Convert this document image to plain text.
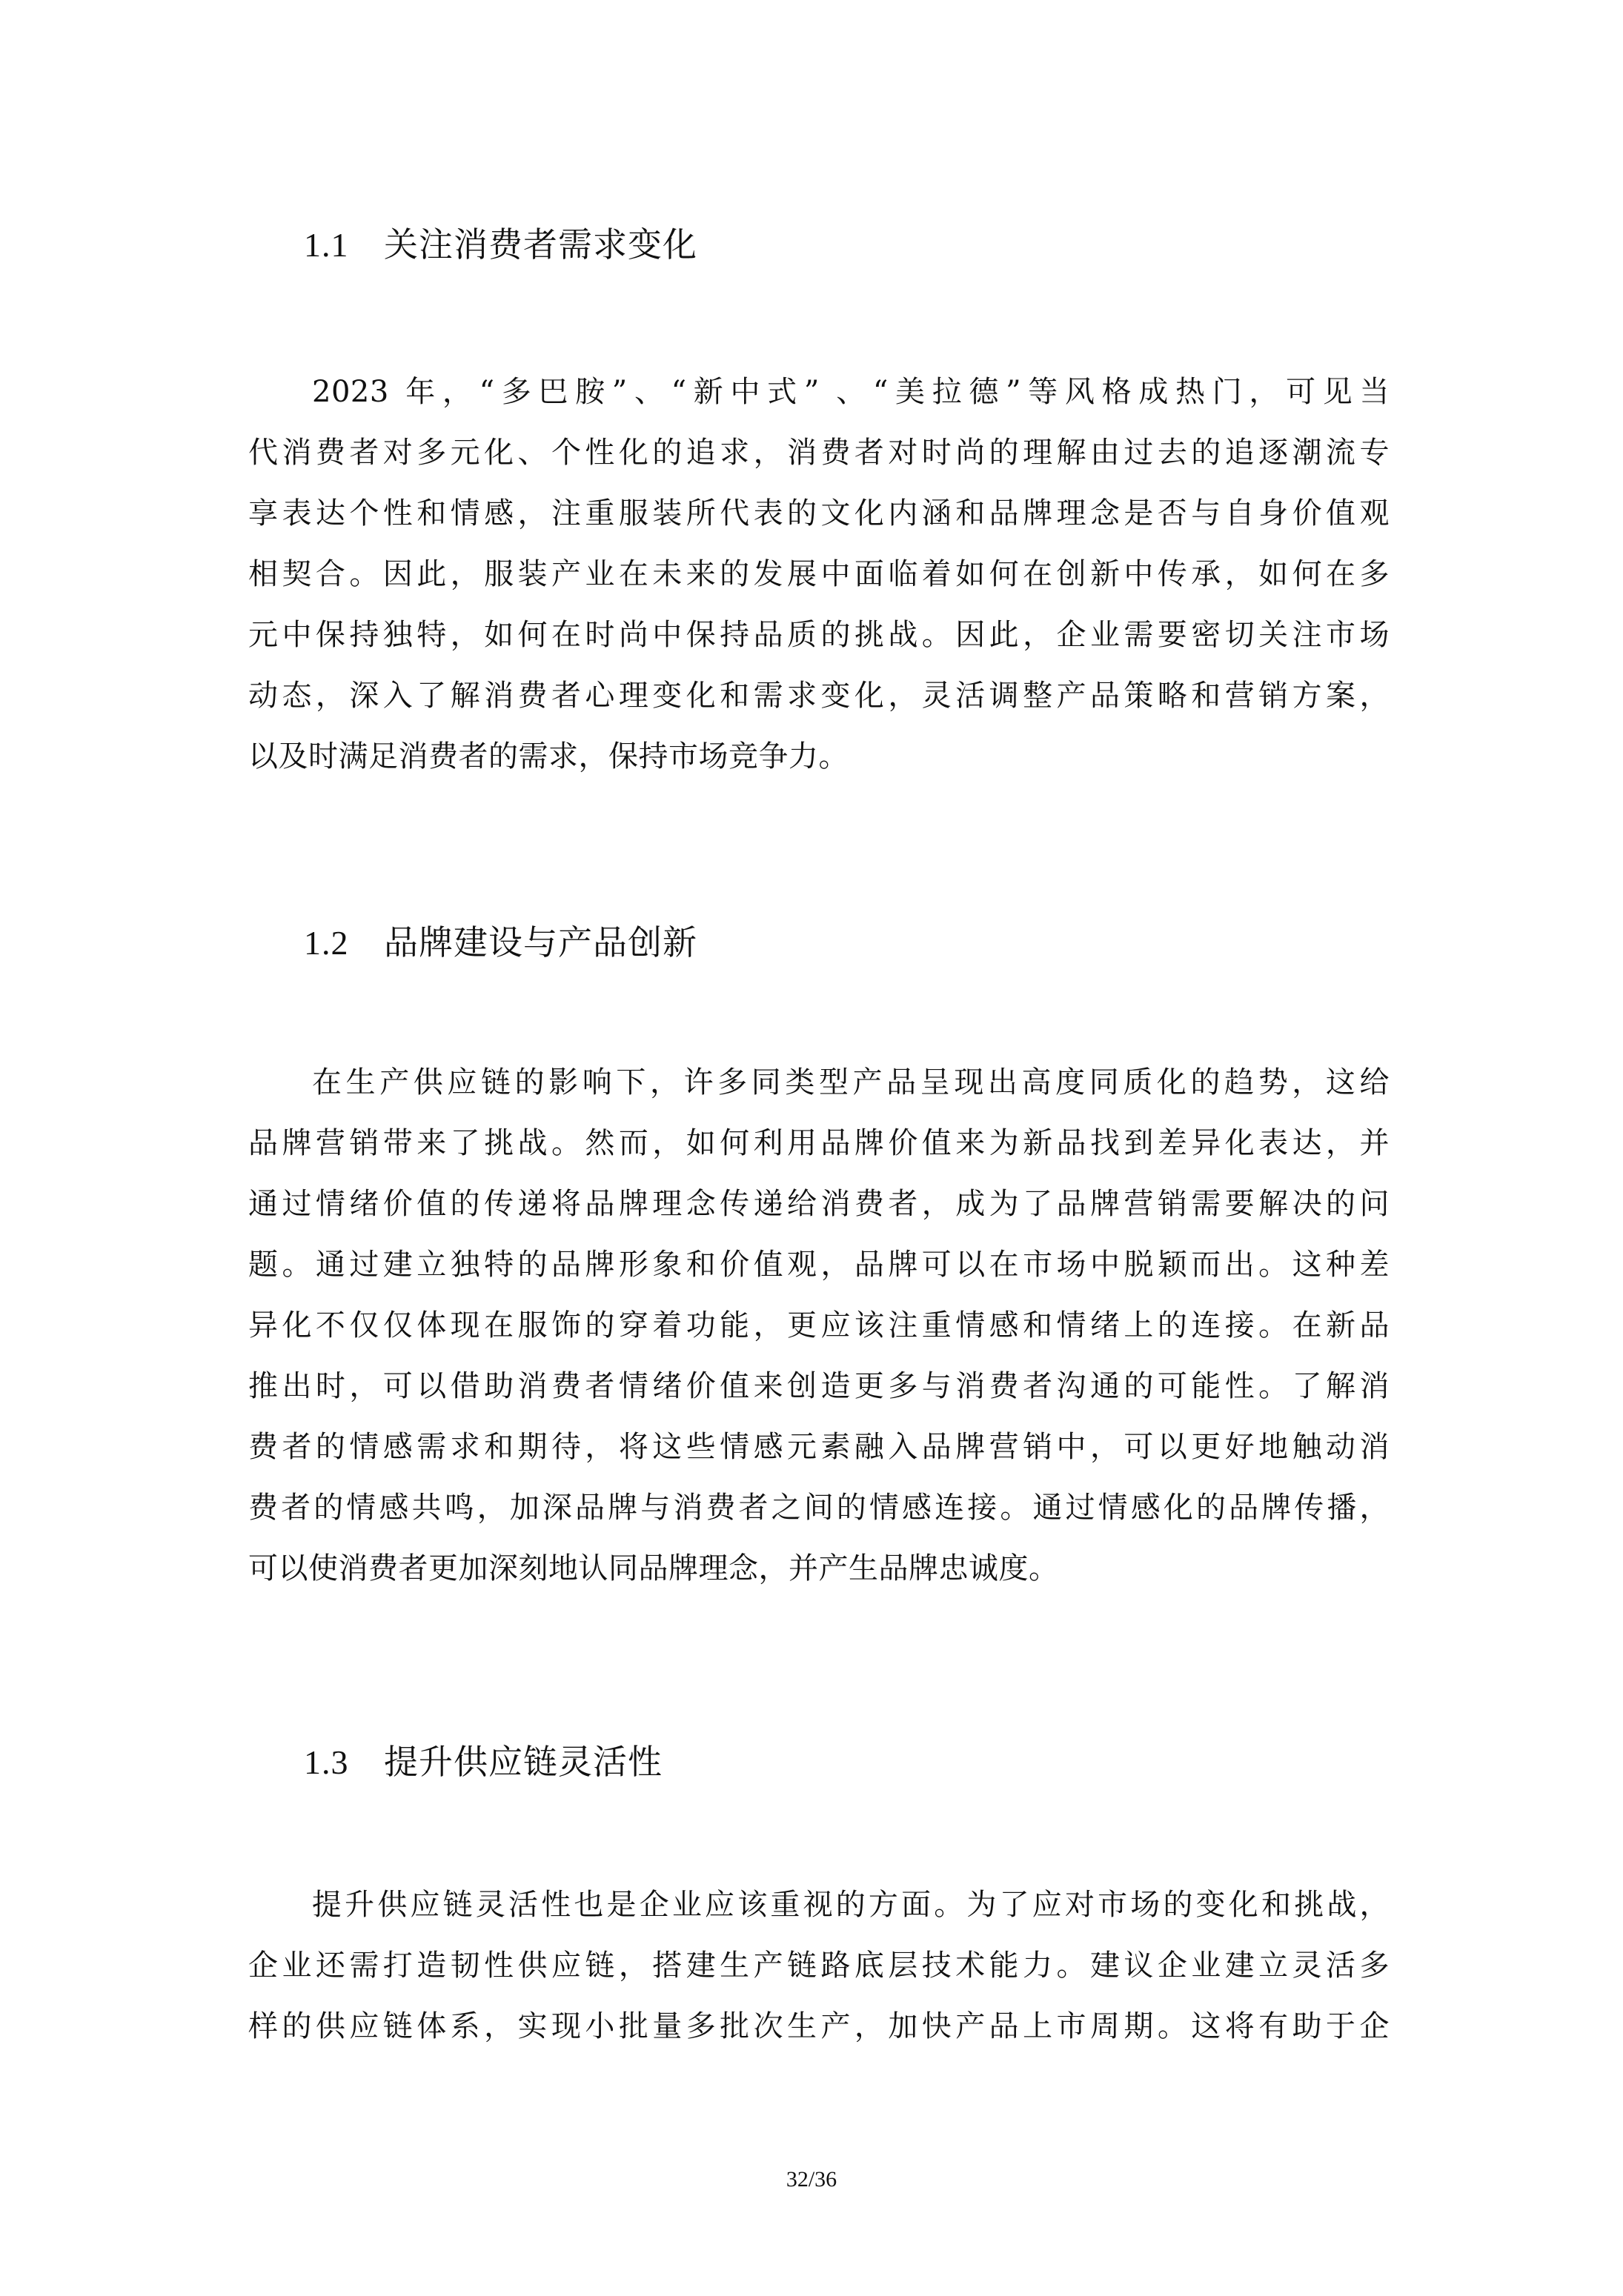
1.1 关注消费者需求变化
2023 年，“多巴胺”、“新中式” 、“美拉德”等风格成热门，可见当
代消费者对多元化、个性化的追求，消费者对时尚的理解由过去的追逐潮流专
享表达个性和情感，注重服装所代表的文化内涵和品牌理念是否与自身价值观
相契合。因此，服装产业在未来的发展中面临着如何在创新中传承，如何在多
元中保持独特，如何在时尚中保持品质的挑战。因此，企业需要密切关注市场
动态，深入了解消费者心理变化和需求变化，灵活调整产品策略和营销方案，
以及时满足消费者的需求，保持市场竞争力。
1.2 品牌建设与产品创新
在生产供应链的影响下，许多同类型产品呈现出高度同质化的趋势，这给
品牌营销带来了挑战。然而，如何利用品牌价值来为新品找到差异化表达，并
通过情绪价值的传递将品牌理念传递给消费者，成为了品牌营销需要解决的问
题。通过建立独特的品牌形象和价值观，品牌可以在市场中脱颖而出。这种差
异化不仅仅体现在服饰的穿着功能，更应该注重情感和情绪上的连接。在新品
推出时，可以借助消费者情绪价值来创造更多与消费者沟通的可能性。了解消
费者的情感需求和期待，将这些情感元素融入品牌营销中，可以更好地触动消
费者的情感共鸣，加深品牌与消费者之间的情感连接。通过情感化的品牌传播，
可以使消费者更加深刻地认同品牌理念，并产生品牌忠诚度。
1.3 提升供应链灵活性
提升供应链灵活性也是企业应该重视的方面。为了应对市场的变化和挑战，
企业还需打造韧性供应链，搭建生产链路底层技术能力。建议企业建立灵活多
样的供应链体系，实现小批量多批次生产，加快产品上市周期。这将有助于企
32/36
